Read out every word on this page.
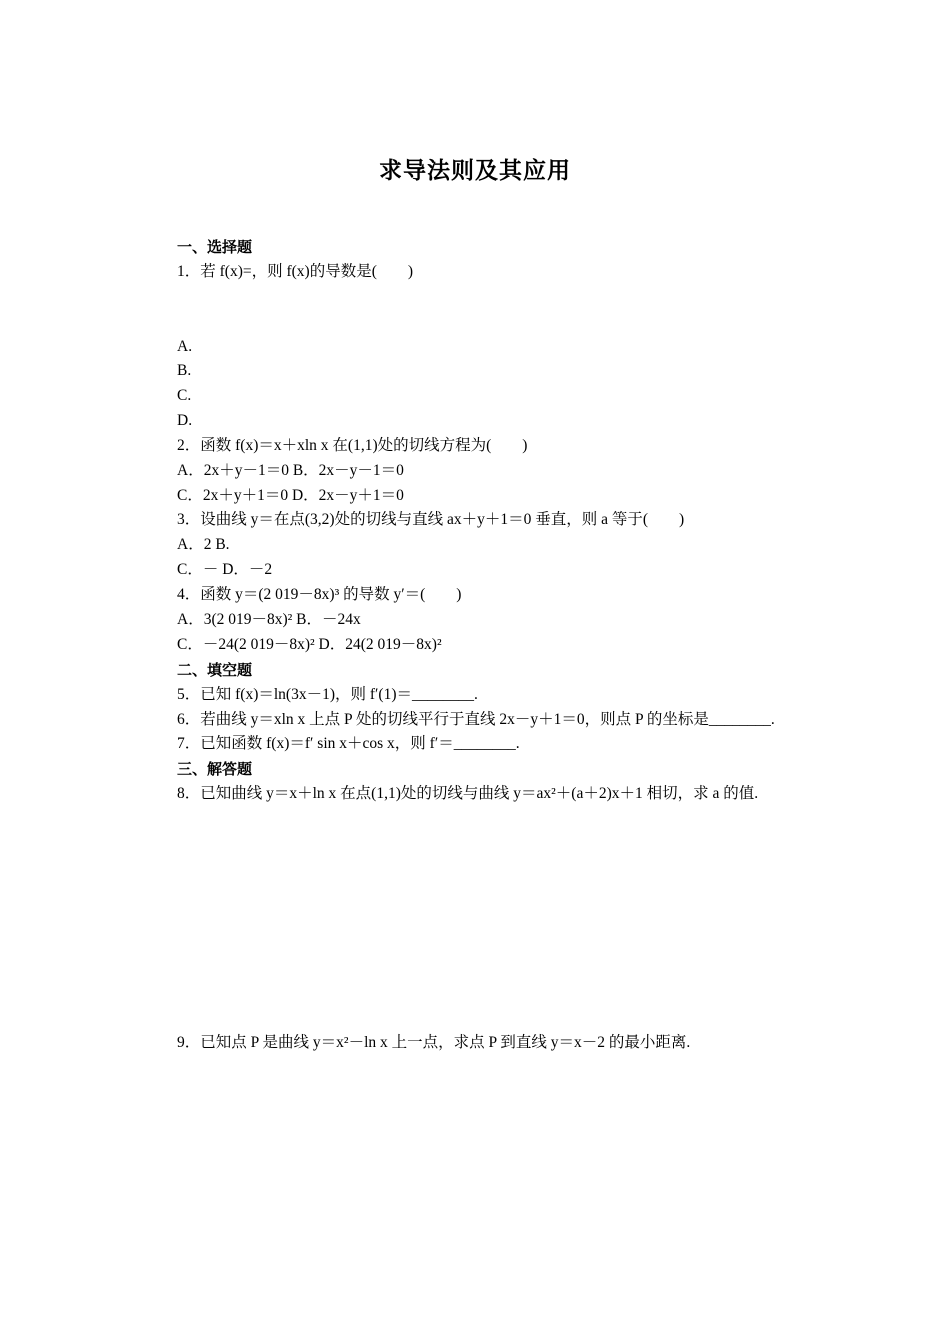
求导法则及其应用
一、选择题
1．若 f(x)=，则 f(x)的导数是(　　)
A.
B.
C.
D.
2．函数 f(x)＝x＋xln x 在(1,1)处的切线方程为(　　)
A．2x＋y－1＝0 B．2x－y－1＝0
C．2x＋y＋1＝0 D．2x－y＋1＝0
3．设曲线 y＝在点(3,2)处的切线与直线 ax＋y＋1＝0 垂直，则 a 等于(　　)
A．2 B.
C．－ D．－2
4．函数 y＝(2 019－8x)³ 的导数 y′＝(　　)
A．3(2 019－8x)² B．－24x
C．－24(2 019－8x)² D．24(2 019－8x)²
二、填空题
5．已知 f(x)＝ln(3x－1)，则 f′(1)＝________.
6．若曲线 y＝xln x 上点 P 处的切线平行于直线 2x－y＋1＝0，则点 P 的坐标是________.
7．已知函数 f(x)＝f′ sin x＋cos x，则 f′＝________.
三、解答题
8．已知曲线 y＝x＋ln x 在点(1,1)处的切线与曲线 y＝ax²＋(a＋2)x＋1 相切，求 a 的值.
9．已知点 P 是曲线 y＝x²－ln x 上一点，求点 P 到直线 y＝x－2 的最小距离.
